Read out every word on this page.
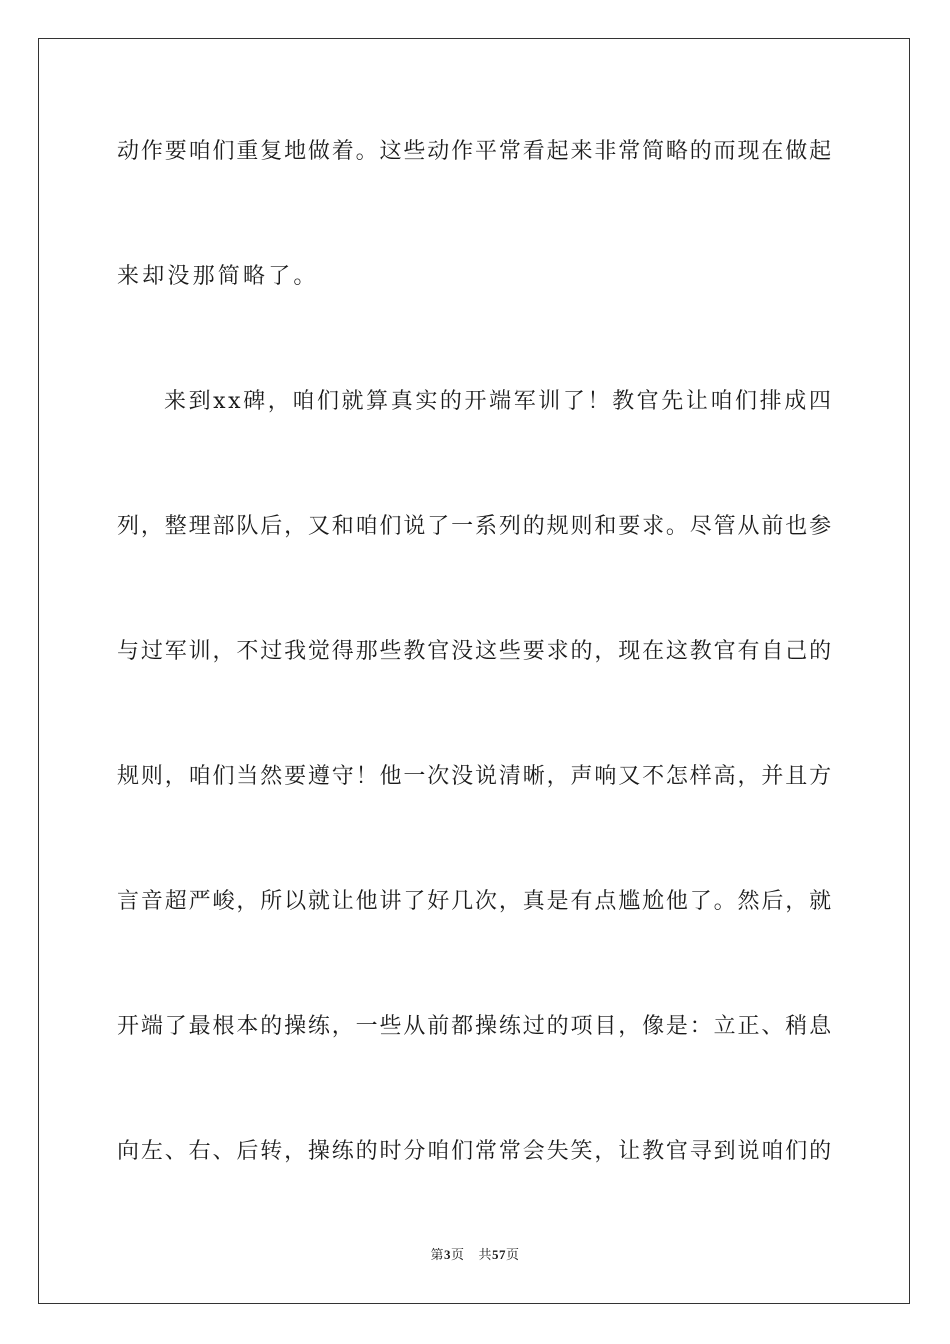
动作要咱们重复地做着。这些动作平常看起来非常简略的而现在做起
来却没那简略了。
来到xx碑，咱们就算真实的开端军训了！教官先让咱们排成四
列，整理部队后，又和咱们说了一系列的规则和要求。尽管从前也参
与过军训，不过我觉得那些教官没这些要求的，现在这教官有自己的
规则，咱们当然要遵守！他一次没说清晰，声响又不怎样高，并且方
言音超严峻，所以就让他讲了好几次，真是有点尴尬他了。然后，就
开端了最根本的操练，一些从前都操练过的项目，像是：立正、稍息
向左、右、后转，操练的时分咱们常常会失笑，让教官寻到说咱们的
第3页 共57页
